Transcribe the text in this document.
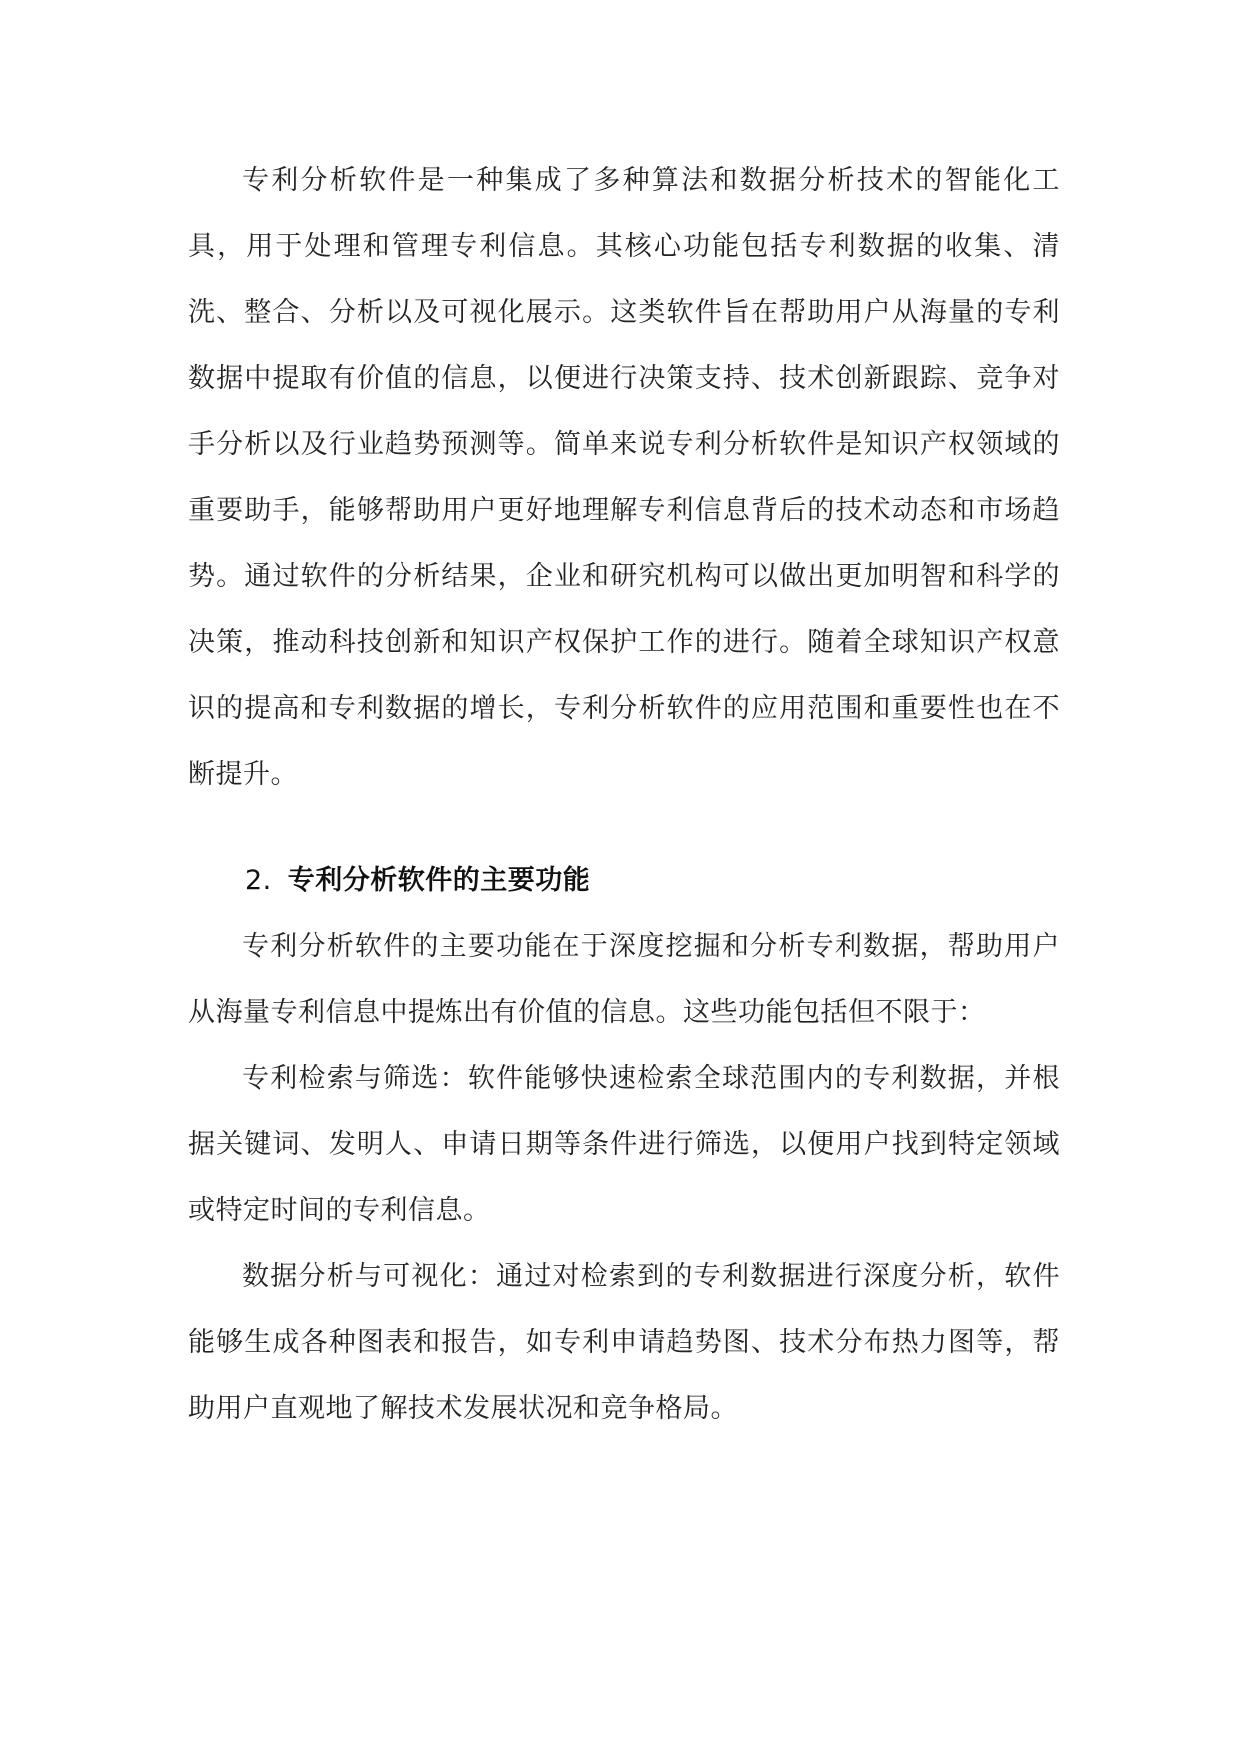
专利分析软件是一种集成了多种算法和数据分析技术的智能化工具，用于处理和管理专利信息。其核心功能包括专利数据的收集、清洗、整合、分析以及可视化展示。这类软件旨在帮助用户从海量的专利数据中提取有价值的信息，以便进行决策支持、技术创新跟踪、竞争对手分析以及行业趋势预测等。简单来说专利分析软件是知识产权领域的重要助手，能够帮助用户更好地理解专利信息背后的技术动态和市场趋势。通过软件的分析结果，企业和研究机构可以做出更加明智和科学的决策，推动科技创新和知识产权保护工作的进行。随着全球知识产权意识的提高和专利数据的增长，专利分析软件的应用范围和重要性也在不断提升。

2. 专利分析软件的主要功能

专利分析软件的主要功能在于深度挖掘和分析专利数据，帮助用户从海量专利信息中提炼出有价值的信息。这些功能包括但不限于：

专利检索与筛选：软件能够快速检索全球范围内的专利数据，并根据关键词、发明人、申请日期等条件进行筛选，以便用户找到特定领域或特定时间的专利信息。

数据分析与可视化：通过对检索到的专利数据进行深度分析，软件能够生成各种图表和报告，如专利申请趋势图、技术分布热力图等，帮助用户直观地了解技术发展状况和竞争格局。
